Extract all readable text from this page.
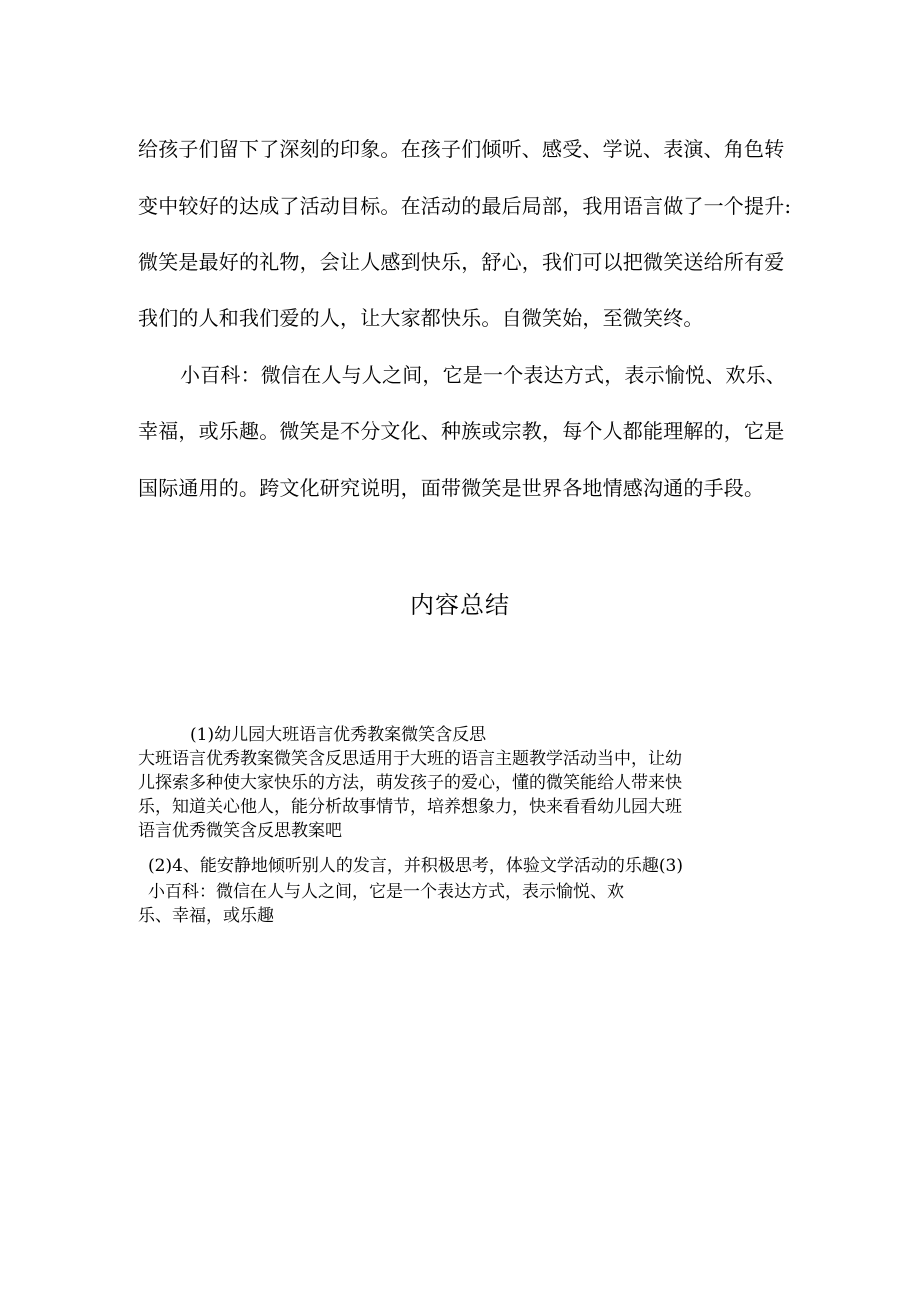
给孩子们留下了深刻的印象。在孩子们倾听、感受、学说、表演、角色转
变中较好的达成了活动目标。在活动的最后局部，我用语言做了一个提升:
微笑是最好的礼物，会让人感到快乐，舒心，我们可以把微笑送给所有爱
我们的人和我们爱的人，让大家都快乐。自微笑始，至微笑终。
小百科：微信在人与人之间，它是一个表达方式，表示愉悦、欢乐、
幸福，或乐趣。微笑是不分文化、种族或宗教，每个人都能理解的，它是
国际通用的。跨文化研究说明，面带微笑是世界各地情感沟通的手段。
内容总结
(1)幼儿园大班语言优秀教案微笑含反思
大班语言优秀教案微笑含反思适用于大班的语言主题教学活动当中，让幼
儿探索多种使大家快乐的方法，萌发孩子的爱心，懂的微笑能给人带来快
乐，知道关心他人，能分析故事情节，培养想象力，快来看看幼儿园大班
语言优秀微笑含反思教案吧
(2)4、能安静地倾听别人的发言，并积极思考，体验文学活动的乐趣(3)
小百科：微信在人与人之间，它是一个表达方式，表示愉悦、欢
乐、幸福，或乐趣
